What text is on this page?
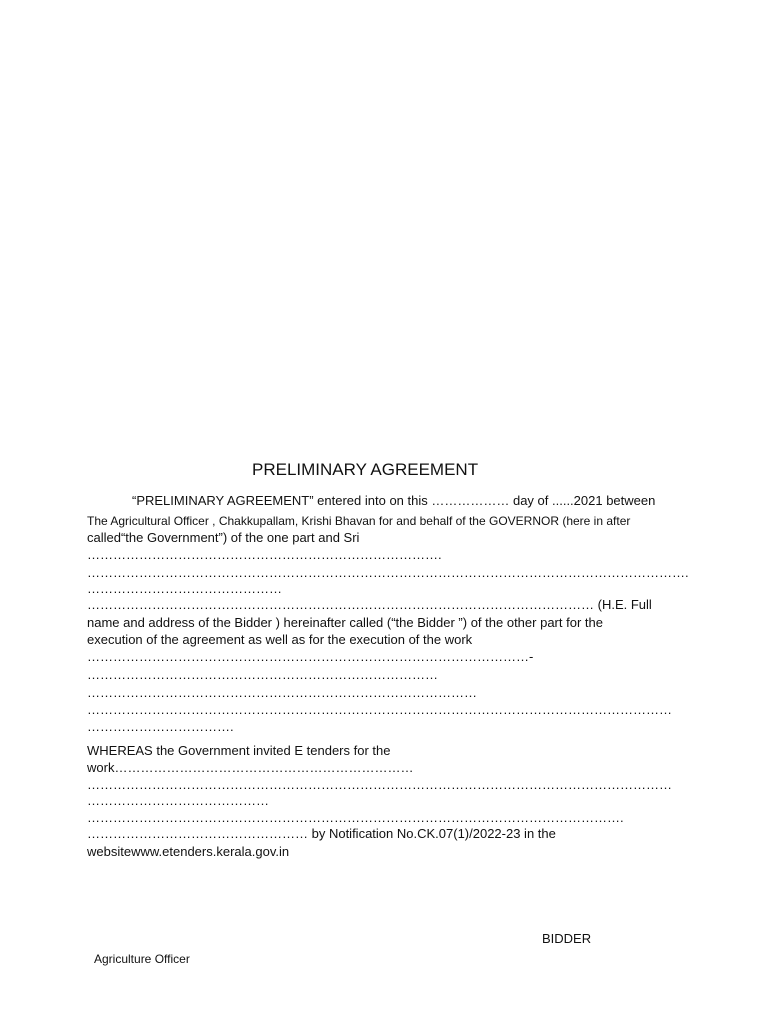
PRELIMINARY AGREEMENT
“PRELIMINARY AGREEMENT” entered into on this ……………… day of ......2021 between
The Agricultural Officer , Chakkupallam, Krishi Bhavan for and behalf of the GOVERNOR (here in after
called“the Government”) of the one part and Sri
……………………………………………………………………….
………………………………………………………………………………………………………………………….
………………………………………
……………………………………………………………………………………………………… (H.E. Full
name and address of the Bidder ) hereinafter called (“the Bidder ”) of the other part for the
execution of the agreement as well as for the execution of the work
…………………………………………………………………………………………-
………………………………………………………………………
………………………………………………………………………………
………………………………………………………………………………………………………………………
…………………………….
WHEREAS the Government invited E tenders for the
work……………………………………………………………
………………………………………………………………………………………………………………………
……………………………………
…………………………………………………………………………………………………………….
…………………………………………… by Notification No.CK.07(1)/2022-23 in the
websitewww.etenders.kerala.gov.in
BIDDER
Agriculture Officer
